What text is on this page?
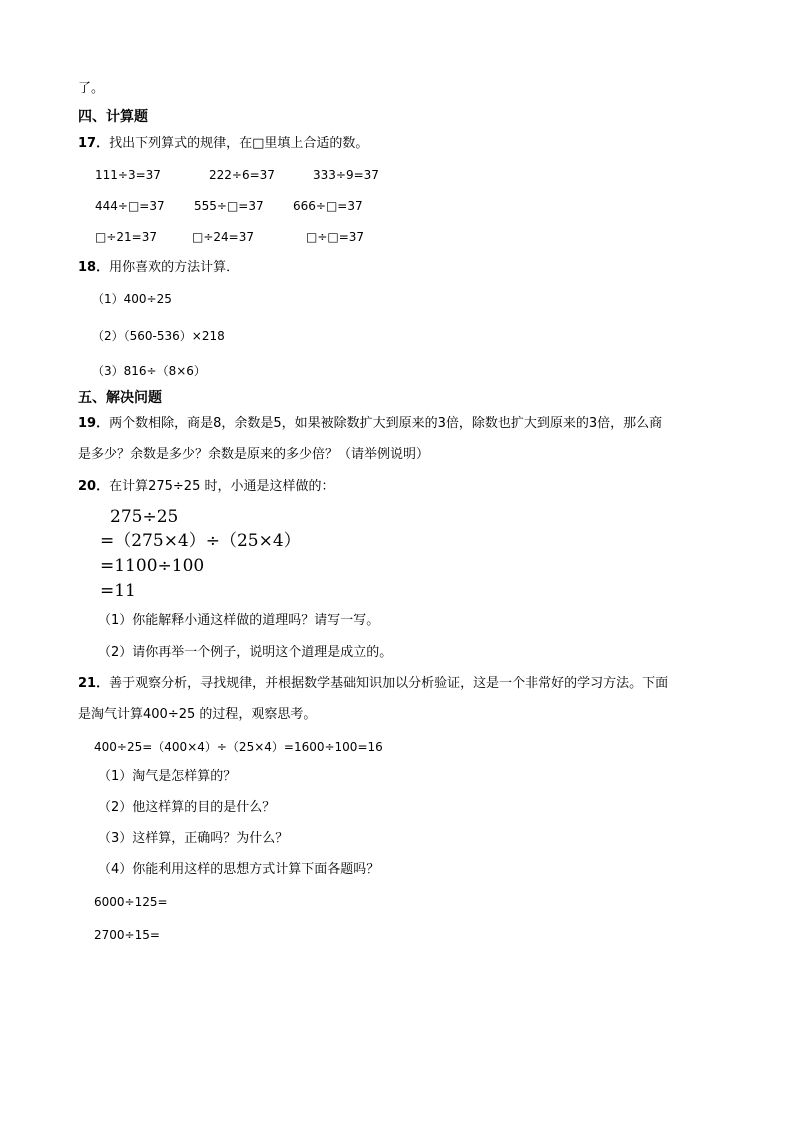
了。
四、计算题
17．找出下列算式的规律，在□里填上合适的数。
111÷3=37	222÷6=37	333÷9=37
444÷□=37 555÷□=37 666÷□=37
□÷21=37	□÷24=37	□÷□=37
18．用你喜欢的方法计算．
（1）400÷25
（2）（560-536）×218
（3）816÷（8×6）
五、解决问题
19．两个数相除，商是8，余数是5，如果被除数扩大到原来的3倍，除数也扩大到原来的3倍，那么商
是多少？余数是多少？余数是原来的多少倍？（请举例说明）
20．在计算275÷25 时，小通是这样做的：
275÷25
=（275×4）÷（25×4）
=1100÷100
=11
（1）你能解释小通这样做的道理吗？请写一写。
（2）请你再举一个例子，说明这个道理是成立的。
21．善于观察分析，寻找规律，并根据数学基础知识加以分析验证，这是一个非常好的学习方法。下面
是淘气计算400÷25 的过程，观察思考。
400÷25=（400×4）÷（25×4）=1600÷100=16
（1）淘气是怎样算的？
（2）他这样算的目的是什么？
（3）这样算，正确吗？为什么？
（4）你能利用这样的思想方式计算下面各题吗？
6000÷125=
2700÷15=
